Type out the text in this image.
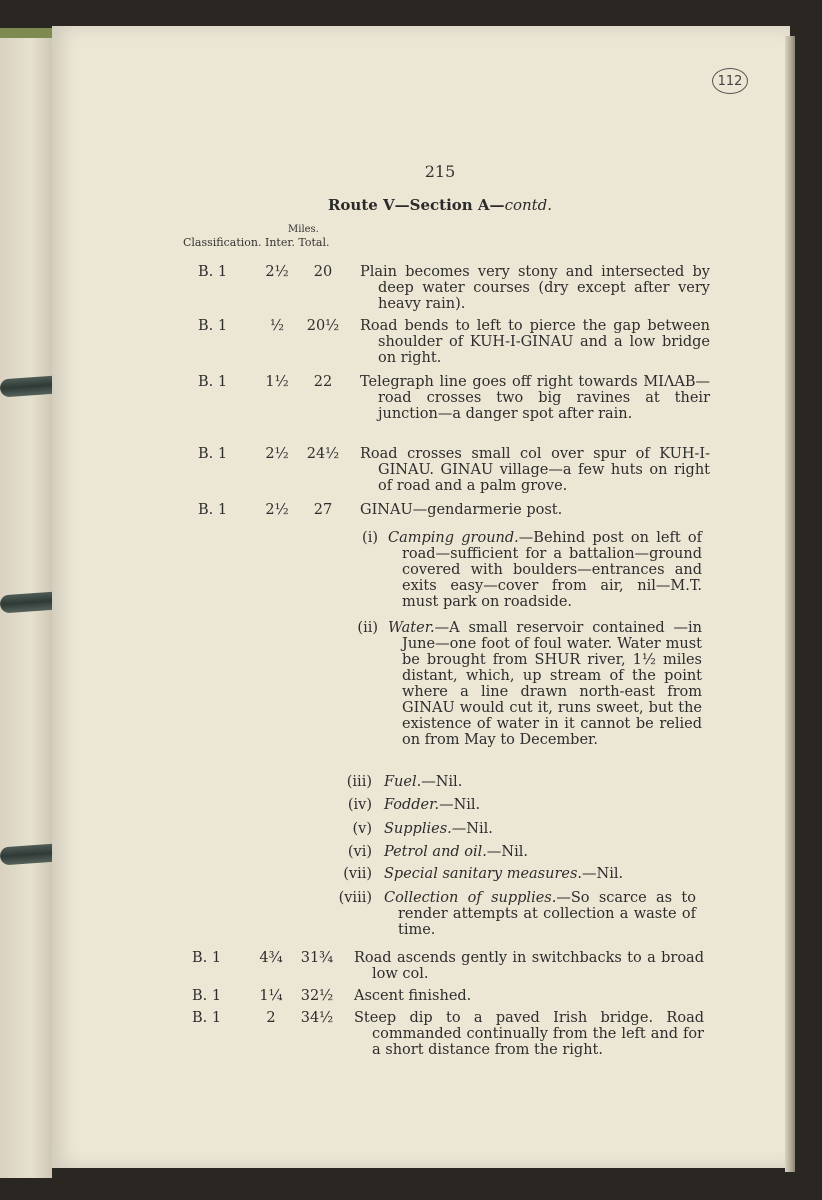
112
215
Route V—Section A—contd.
Miles.
Classification. Inter. Total.
B. 1	2½	20	Plain becomes very stony and intersected by deep water courses (dry except after very heavy rain).
B. 1	½	20½	Road bends to left to pierce the gap between shoulder of KUH-I-GINAU and a low bridge on right.
B. 1	1½	22	Telegraph line goes off right towards MIΛAB—road crosses two big ravines at their junction—a danger spot after rain.
B. 1	2½	24½	Road crosses small col over spur of KUH-I-GINAU. GINAU village—a few huts on right of road and a palm grove.
B. 1	2½	27	GINAU—gendarmerie post.
(i) Camping ground.—Behind post on left of road—sufficient for a battalion—ground covered with boulders—entrances and exits easy—cover from air, nil—M.T. must park on roadside.
(ii) Water.—A small reservoir contained —in June—one foot of foul water. Water must be brought from SHUR river, 1½ miles distant, which, up stream of the point where a line drawn north-east from GINAU would cut it, runs sweet, but the existence of water in it cannot be relied on from May to December.
(iii) Fuel.—Nil.
(iv) Fodder.—Nil.
(v) Supplies.—Nil.
(vi) Petrol and oil.—Nil.
(vii) Special sanitary measures.—Nil.
(viii) Collection of supplies.—So scarce as to render attempts at collection a waste of time.
B. 1	4¾	31¾	Road ascends gently in switchbacks to a broad low col.
B. 1	1¼	32½	Ascent finished.
B. 1	2	34½	Steep dip to a paved Irish bridge. Road commanded continually from the left and for a short distance from the right.
